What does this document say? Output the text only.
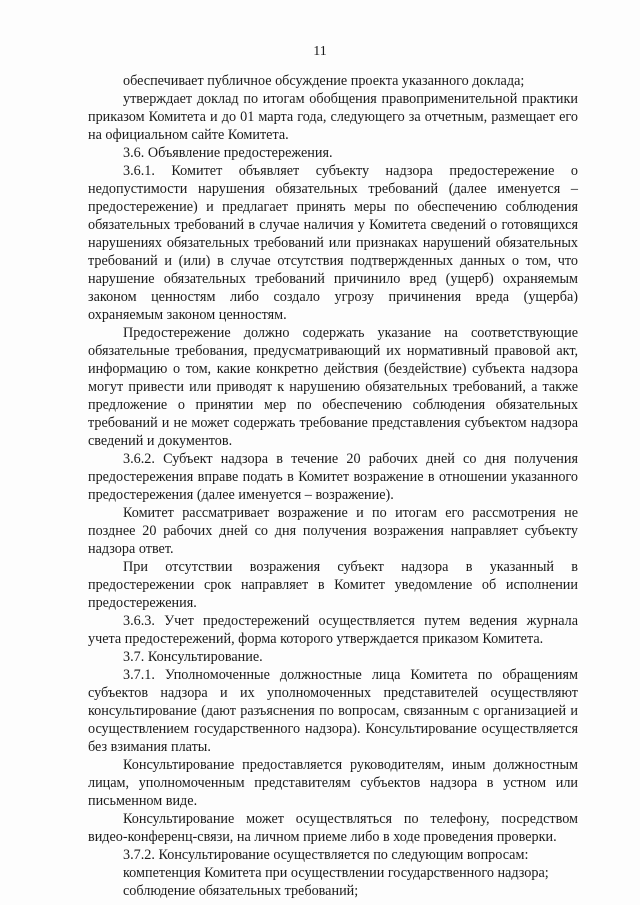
11

обеспечивает публичное обсуждение проекта указанного доклада;

утверждает доклад по итогам обобщения правоприменительной практики приказом Комитета и до 01 марта года, следующего за отчетным, размещает его на официальном сайте Комитета.

3.6. Объявление предостережения.

3.6.1. Комитет объявляет субъекту надзора предостережение о недопустимости нарушения обязательных требований (далее именуется – предостережение) и предлагает принять меры по обеспечению соблюдения обязательных требований в случае наличия у Комитета сведений о готовящихся нарушениях обязательных требований или признаках нарушений обязательных требований и (или) в случае отсутствия подтвержденных данных о том, что нарушение обязательных требований причинило вред (ущерб) охраняемым законом ценностям либо создало угрозу причинения вреда (ущерба) охраняемым законом ценностям.

Предостережение должно содержать указание на соответствующие обязательные требования, предусматривающий их нормативный правовой акт, информацию о том, какие конкретно действия (бездействие) субъекта надзора могут привести или приводят к нарушению обязательных требований, а также предложение о принятии мер по обеспечению соблюдения обязательных требований и не может содержать требование представления субъектом надзора сведений и документов.

3.6.2. Субъект надзора в течение 20 рабочих дней со дня получения предостережения вправе подать в Комитет возражение в отношении указанного предостережения (далее именуется – возражение).

Комитет рассматривает возражение и по итогам его рассмотрения не позднее 20 рабочих дней со дня получения возражения направляет субъекту надзора ответ.

При отсутствии возражения субъект надзора в указанный в предостережении срок направляет в Комитет уведомление об исполнении предостережения.

3.6.3. Учет предостережений осуществляется путем ведения журнала учета предостережений, форма которого утверждается приказом Комитета.

3.7. Консультирование.

3.7.1. Уполномоченные должностные лица Комитета по обращениям субъектов надзора и их уполномоченных представителей осуществляют консультирование (дают разъяснения по вопросам, связанным с организацией и осуществлением государственного надзора). Консультирование осуществляется без взимания платы.

Консультирование предоставляется руководителям, иным должностным лицам, уполномоченным представителям субъектов надзора в устном или письменном виде.

Консультирование может осуществляться по телефону, посредством видео-конференц-связи, на личном приеме либо в ходе проведения проверки.

3.7.2. Консультирование осуществляется по следующим вопросам:

компетенция Комитета при осуществлении государственного надзора;

соблюдение обязательных требований;
